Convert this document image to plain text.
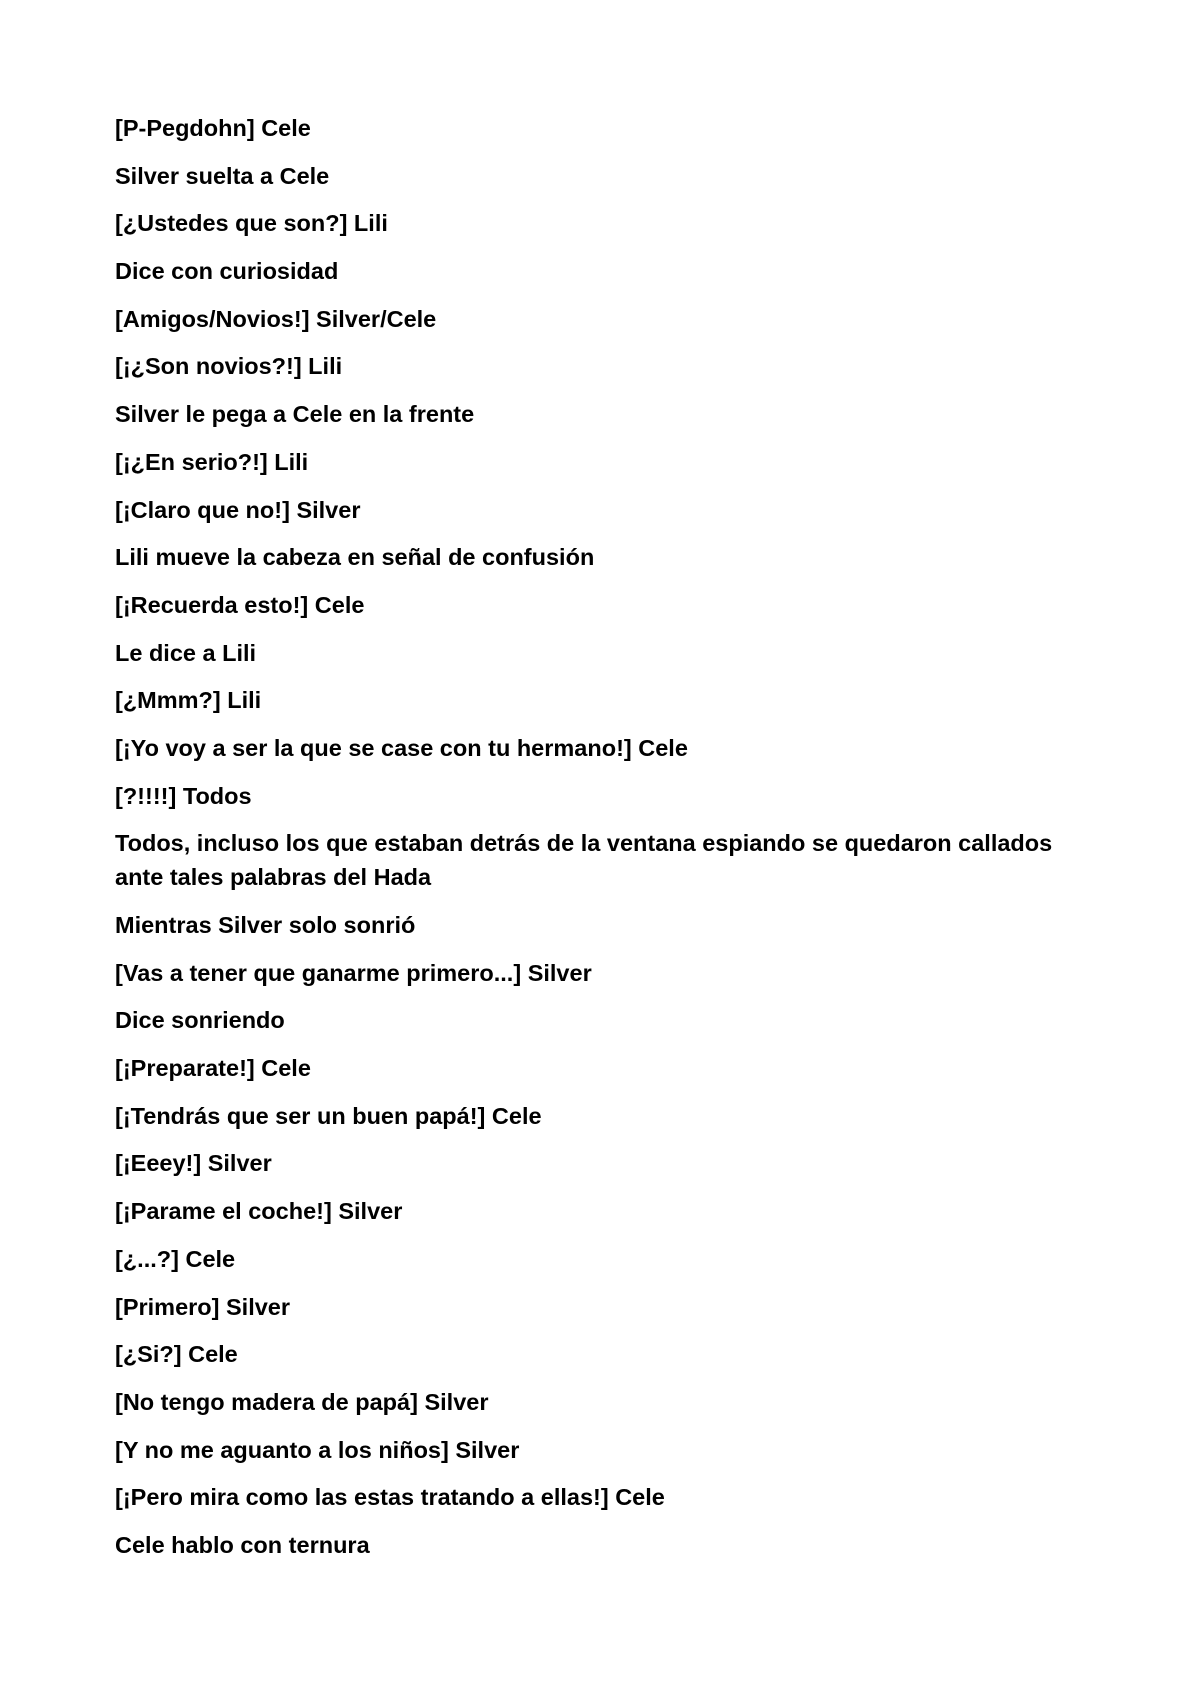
[P-Pegdohn] Cele

Silver suelta a Cele

[¿Ustedes que son?] Lili

Dice con curiosidad

[Amigos/Novios!] Silver/Cele

[¡¿Son novios?!] Lili

Silver le pega a Cele en la frente

[¡¿En serio?!] Lili

[¡Claro que no!] Silver

Lili mueve la cabeza en señal de confusión

[¡Recuerda esto!] Cele

Le dice a Lili

[¿Mmm?] Lili

[¡Yo voy a ser la que se case con tu hermano!] Cele

[?!!!!] Todos

Todos, incluso los que estaban detrás de la ventana espiando se quedaron callados ante tales palabras del Hada

Mientras Silver solo sonrió

[Vas a tener que ganarme primero...] Silver

Dice sonriendo

[¡Preparate!] Cele

[¡Tendrás que ser un buen papá!] Cele

[¡Eeey!] Silver

[¡Parame el coche!] Silver

[¿...?] Cele

[Primero] Silver

[¿Si?] Cele

[No tengo madera de papá] Silver

[Y no me aguanto a los niños] Silver

[¡Pero mira como las estas tratando a ellas!] Cele

Cele hablo con ternura
